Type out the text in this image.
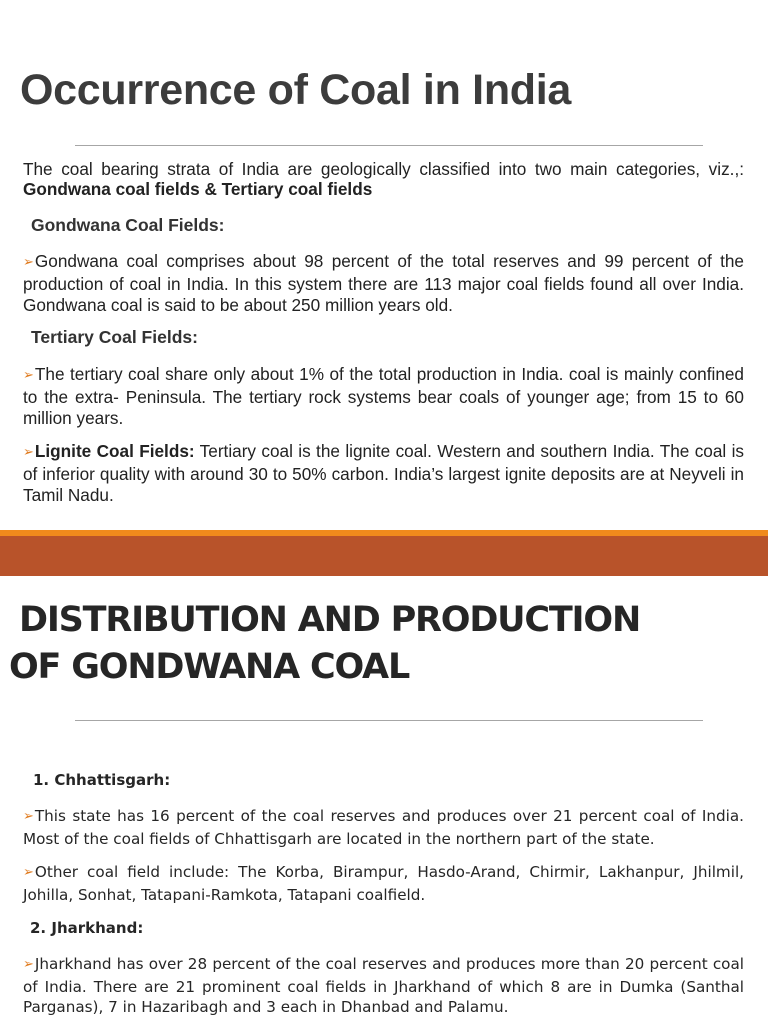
Occurrence of Coal in India

The coal bearing strata of India are geologically classified into two main categories, viz.,: Gondwana coal fields & Tertiary coal fields

Gondwana Coal Fields:

➢Gondwana coal comprises about 98 percent of the total reserves and 99 percent of the production of coal in India. In this system there are 113 major coal fields found all over India. Gondwana coal is said to be about 250 million years old.

Tertiary Coal Fields:

➢The tertiary coal share only about 1% of the total production in India. coal is mainly confined to the extra- Peninsula. The tertiary rock systems bear coals of younger age; from 15 to 60 million years.

➢Lignite Coal Fields: Tertiary coal is the lignite coal. Western and southern India. The coal is of inferior quality with around 30 to 50% carbon. India’s largest ignite deposits are at Neyveli in Tamil Nadu.

DISTRIBUTION AND PRODUCTION
OF GONDWANA COAL

1. Chhattisgarh:

➢This state has 16 percent of the coal reserves and produces over 21 percent coal of India. Most of the coal fields of Chhattisgarh are located in the northern part of the state.

➢Other coal field include: The Korba, Birampur, Hasdo-Arand, Chirmir, Lakhanpur, Jhilmil, Johilla, Sonhat, Tatapani-Ramkota, Tatapani coalfield.

2. Jharkhand:

➢Jharkhand has over 28 percent of the coal reserves and produces more than 20 percent coal of India. There are 21 prominent coal fields in Jharkhand of which 8 are in Dumka (Santhal Parganas), 7 in Hazaribagh and 3 each in Dhanbad and Palamu.
